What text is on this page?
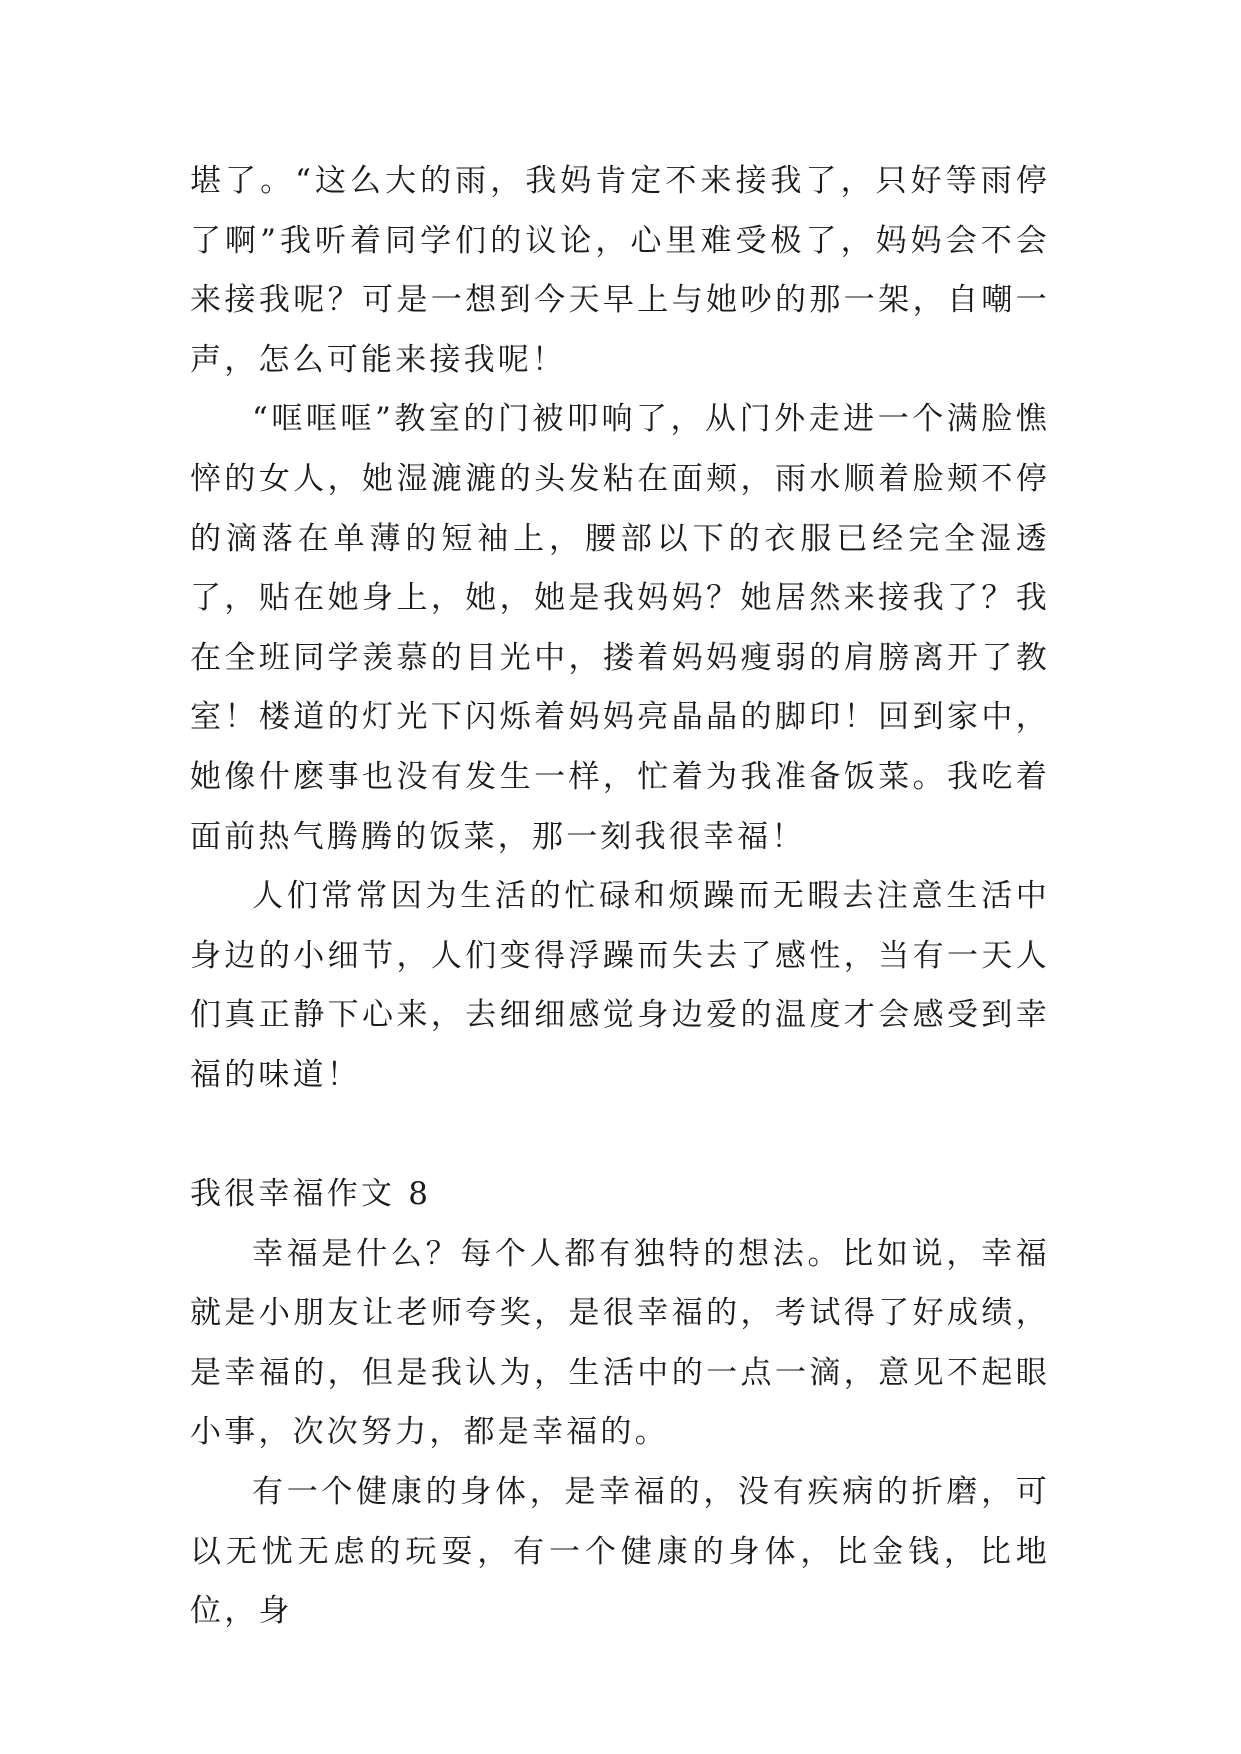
堪了。“这么大的雨，我妈肯定不来接我了，只好等雨停了啊”我听着同学们的议论，心里难受极了，妈妈会不会来接我呢？可是一想到今天早上与她吵的那一架，自嘲一声，怎么可能来接我呢！

“哐哐哐”教室的门被叩响了，从门外走进一个满脸憔悴的女人，她湿漉漉的头发粘在面颊，雨水顺着脸颊不停的滴落在单薄的短袖上，腰部以下的衣服已经完全湿透了，贴在她身上，她，她是我妈妈？她居然来接我了？我在全班同学羡慕的目光中，搂着妈妈瘦弱的肩膀离开了教室！楼道的灯光下闪烁着妈妈亮晶晶的脚印！回到家中，她像什麽事也没有发生一样，忙着为我准备饭菜。我吃着面前热气腾腾的饭菜，那一刻我很幸福！

人们常常因为生活的忙碌和烦躁而无暇去注意生活中身边的小细节，人们变得浮躁而失去了感性，当有一天人们真正静下心来，去细细感觉身边爱的温度才会感受到幸福的味道！

我很幸福作文 8

幸福是什么？每个人都有独特的想法。比如说，幸福就是小朋友让老师夸奖，是很幸福的，考试得了好成绩，是幸福的，但是我认为，生活中的一点一滴，意见不起眼小事，次次努力，都是幸福的。

有一个健康的身体，是幸福的，没有疾病的折磨，可以无忧无虑的玩耍，有一个健康的身体，比金钱，比地位，身
